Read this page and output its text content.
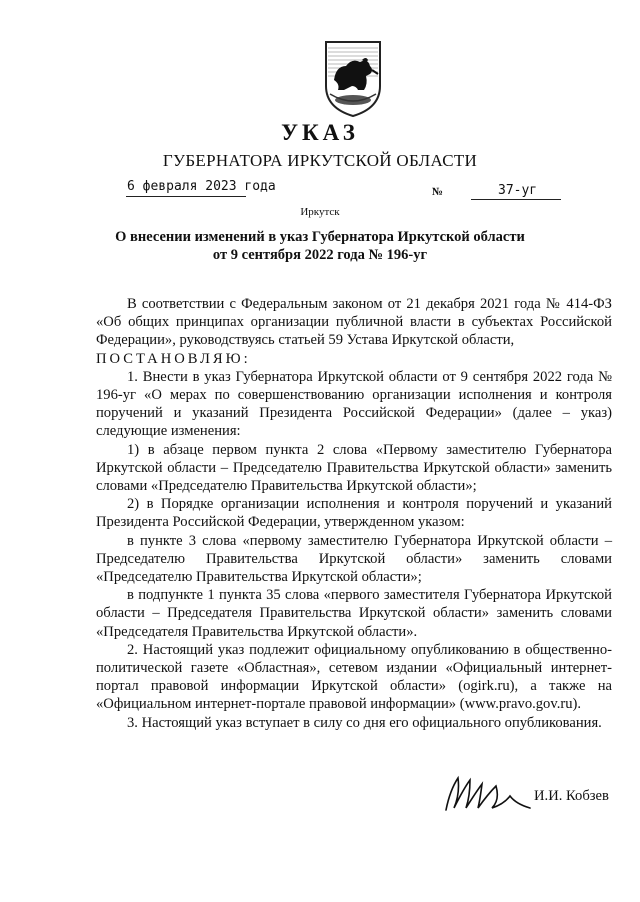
УКАЗ
ГУБЕРНАТОРА ИРКУТСКОЙ ОБЛАСТИ
6 февраля 2023 года	№	37-уг
Иркутск
О внесении изменений в указ Губернатора Иркутской области
от 9 сентября 2022 года № 196-уг

В соответствии с Федеральным законом от 21 декабря 2021 года № 414-ФЗ «Об общих принципах организации публичной власти в субъектах Российской Федерации», руководствуясь статьей 59 Устава Иркутской области,

ПОСТАНОВЛЯЮ:

1. Внести в указ Губернатора Иркутской области от 9 сентября 2022 года № 196-уг «О мерах по совершенствованию организации исполнения и контроля поручений и указаний Президента Российской Федерации» (далее – указ) следующие изменения:

1) в абзаце первом пункта 2 слова «Первому заместителю Губернатора Иркутской области – Председателю Правительства Иркутской области» заменить словами «Председателю Правительства Иркутской области»;

2) в Порядке организации исполнения и контроля поручений и указаний Президента Российской Федерации, утвержденном указом:

в пункте 3 слова «первому заместителю Губернатора Иркутской области – Председателю Правительства Иркутской области» заменить словами «Председателю Правительства Иркутской области»;

в подпункте 1 пункта 35 слова «первого заместителя Губернатора Иркутской области – Председателя Правительства Иркутской области» заменить словами «Председателя Правительства Иркутской области».

2. Настоящий указ подлежит официальному опубликованию в общественно-политической газете «Областная», сетевом издании «Официальный интернет-портал правовой информации Иркутской области» (ogirk.ru), а также на «Официальном интернет-портале правовой информации» (www.pravo.gov.ru).

3. Настоящий указ вступает в силу со дня его официального опубликования.

И.И. Кобзев
